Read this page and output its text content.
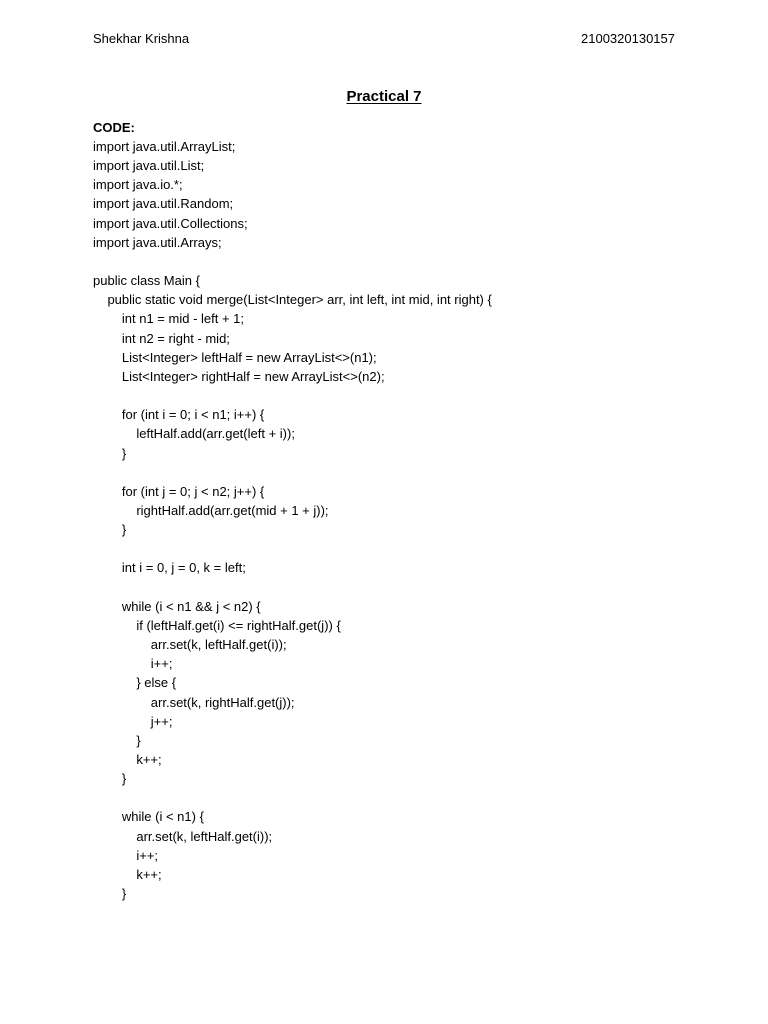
Shekhar Krishna	2100320130157
Practical 7
CODE:
import java.util.ArrayList;
import java.util.List;
import java.io.*;
import java.util.Random;
import java.util.Collections;
import java.util.Arrays;
public class Main {
public static void merge(List<Integer> arr, int left, int mid, int right) {
int n1 = mid - left + 1;
int n2 = right - mid;
List<Integer> leftHalf = new ArrayList<>(n1);
List<Integer> rightHalf = new ArrayList<>(n2);
for (int i = 0; i < n1; i++) {
leftHalf.add(arr.get(left + i));
}
for (int j = 0; j < n2; j++) {
rightHalf.add(arr.get(mid + 1 + j));
}
int i = 0, j = 0, k = left;
while (i < n1 && j < n2) {
if (leftHalf.get(i) <= rightHalf.get(j)) {
arr.set(k, leftHalf.get(i));
i++;
} else {
arr.set(k, rightHalf.get(j));
j++;
}
k++;
}
while (i < n1) {
arr.set(k, leftHalf.get(i));
i++;
k++;
}
